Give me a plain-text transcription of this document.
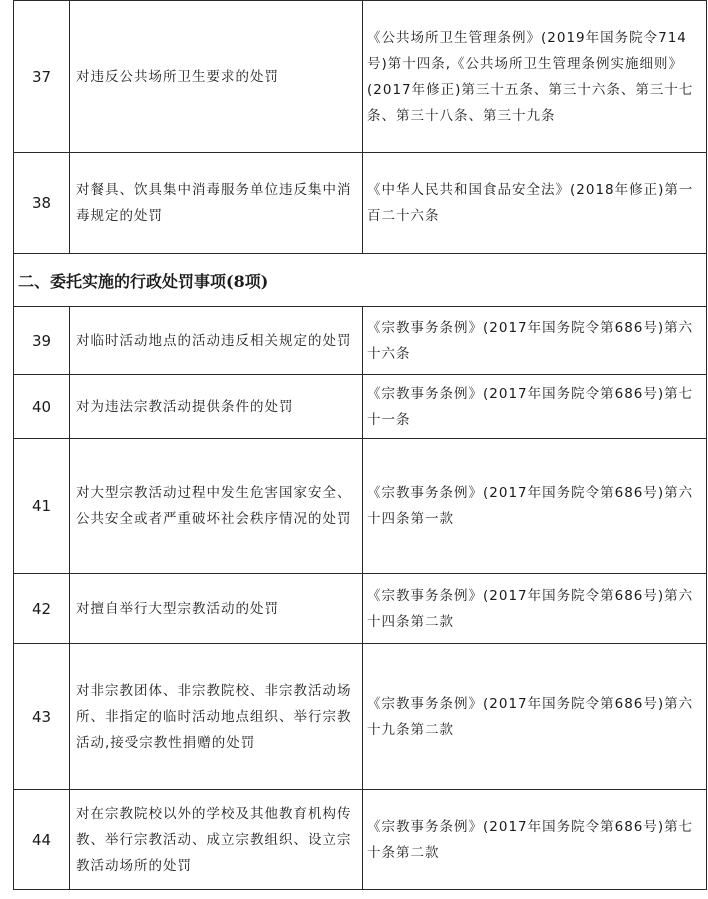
37	对违反公共场所卫生要求的处罚	《公共场所卫生管理条例》(2019年国务院令714号)第十四条,《公共场所卫生管理条例实施细则》(2017年修正)第三十五条、第三十六条、第三十七条、第三十八条、第三十九条
38	对餐具、饮具集中消毒服务单位违反集中消毒规定的处罚	《中华人民共和国食品安全法》(2018年修正)第一百二十六条
二、委托实施的行政处罚事项(8项)		
39	对临时活动地点的活动违反相关规定的处罚	《宗教事务条例》(2017年国务院令第686号)第六十六条
40	对为违法宗教活动提供条件的处罚	《宗教事务条例》(2017年国务院令第686号)第七十一条
41	对大型宗教活动过程中发生危害国家安全、公共安全或者严重破坏社会秩序情况的处罚	《宗教事务条例》(2017年国务院令第686号)第六十四条第一款
42	对擅自举行大型宗教活动的处罚	《宗教事务条例》(2017年国务院令第686号)第六十四条第二款
43	对非宗教团体、非宗教院校、非宗教活动场所、非指定的临时活动地点组织、举行宗教活动,接受宗教性捐赠的处罚	《宗教事务条例》(2017年国务院令第686号)第六十九条第二款
44	对在宗教院校以外的学校及其他教育机构传教、举行宗教活动、成立宗教组织、设立宗教活动场所的处罚	《宗教事务条例》(2017年国务院令第686号)第七十条第二款
